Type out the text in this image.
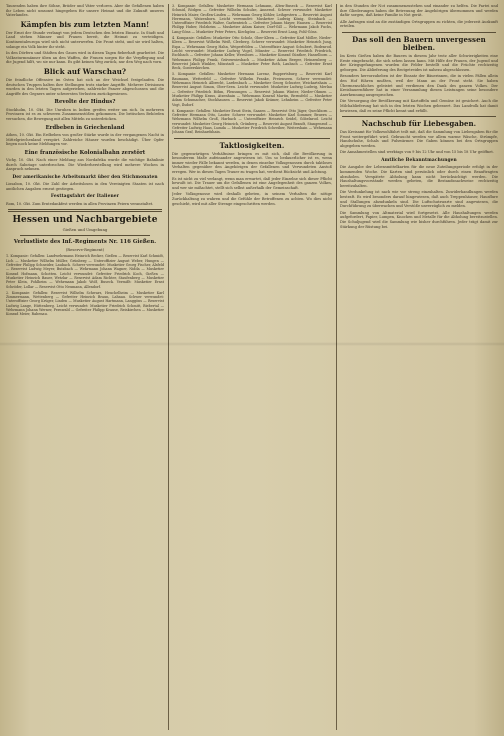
Tausenden haben ihre Söhne, Brüder und Väter verloren. Aber die Gefallenen haben ihr Leben nicht umsonst hingegeben für unsere Heimat und die Zukunft unseres Vaterlandes.

Kämpfen bis zum letzten Mann!

Der Ernst der Stunde verlangt von jedem Deutschen den letzten Einsatz. In Stadt und Land stehen Männer und Frauen bereit, die Heimat zu verteidigen. Kontinentaleuropa wird sich nicht unterwerfen. Die Front steht, und sie wird halten, solange ein Volk hinter ihr steht.

In den Dörfern und Städten des Gaues wird in diesen Tagen fieberhaft gearbeitet. Die Volkssturmmänner üben an den Waffen, die Frauen sorgen für die Verpflegung und die Jugend hilft, wo sie nur kann. Es gibt keinen Weg zurück, nur den Weg nach vorn.

Blick auf Warschau?

Die feindliche Offensive im Osten hat sich an der Weichsel festgelaufen. Die deutschen Truppen halten ihre Stellungen trotz starker Angriffe. Mehrere Divisionen wurden in den letzten Tagen aufgerieben, zahlreiche Panzer abgeschossen und die Angriffe des Gegners unter schwersten Verlusten zurückgewiesen.

Revolte der Hindus?

Stockholm, 10. Okt. Die Unruhen in Indien greifen weiter um sich. In mehreren Provinzen ist es zu schweren Zusammenstößen gekommen. Die britischen Behörden versuchen, die Bewegung mit allen Mitteln zu unterdrücken.

Erdbeben in Griechenland

Athen, 10. Okt. Ein Erdbeben von großer Stärke wurde in der vergangenen Nacht in Mittelgriechenland verspürt. Zahlreiche Häuser wurden beschädigt. Über Opfer liegen noch keine Meldungen vor.

Eine französische Kolonialbahn zerstört

Vichy, 10. Okt. Nach einer Meldung aus Nordafrika wurde die wichtige Bahnlinie durch Sabotage unterbrochen. Die Wiederherstellung wird mehrere Wochen in Anspruch nehmen.

Der amerikanische Arbeitsmarkt über den Stichmonaten

Lissabon, 10. Okt. Die Zahl der Arbeitslosen in den Vereinigten Staaten ist nach amtlichen Angaben erneut gestiegen.

Festtagsfahrt der Italiener

Rom, 10. Okt. Zum Erntedankfest werden in allen Provinzen Feiern veranstaltet.

Hessen und Nachbargebiete
Gießen und Umgebung
Verlustliste des Inf.-Regiments Nr. 116 Gießen.
(Reserve-Regiment)

1. Kompanie: Gefallen: Landwehrmann Heinrich Becker, Gießen — Reservist Karl Schmidt, Lich — Musketier Wilhelm Müller, Grünberg — Unteroffizier August Weber, Hungen — Gefreiter Philipp Schneider, Laubach. Schwer verwundet: Musketier Georg Fischer, Alsfeld — Reservist Ludwig Meyer, Butzbach — Wehrmann Johann Wagner, Nidda — Musketier Konrad Hofmann, Schotten. Leicht verwundet: Gefreiter Friedrich Koch, Gießen — Musketier Heinrich Bauer, Wetzlar — Reservist Adam Richter, Staufenberg — Musketier Peter Klein, Pohlheim — Wehrmann Jakob Wolf, Buseck. Vermißt: Musketier Ernst Schröder, Lollar — Reservist Otto Neumann, Allendorf.

2. Kompanie: Gefallen: Reservist Wilhelm Schwarz, Heuchelheim — Musketier Karl Zimmermann, Wettenberg — Gefreiter Heinrich Braun, Lahnau. Schwer verwundet: Unteroffizier Georg Krüger, Linden — Musketier August Hartmann, Langgöns — Reservist Ludwig Lange, Hüttenberg. Leicht verwundet: Musketier Friedrich Schmitt, Biebertal — Wehrmann Johann Werner, Fernwald — Gefreiter Philipp Krause, Reiskirchen — Musketier Konrad Meier, Rabenau.

3. Kompanie: Gefallen: Musketier Hermann Lehmann, Alten-Buseck — Reservist Karl Schmid, Rödgen — Gefreiter Wilhelm Schulze, Annerod. Schwer verwundet: Musketier Heinrich Maier, Großen-Linden — Wehrmann Georg Köhler, Leihgestern — Reservist August Herrmann, Watzenborn. Leicht verwundet: Musketier Ludwig König, Steinbach — Unteroffizier Friedrich Walter, Garbenteich — Gefreiter Johann Mayer, Hausen — Reservist Philipp Huber, Holzheim — Musketier Adam Kaiser, Dorf-Gill — Wehrmann Jakob Fuchs, Lang-Göns — Musketier Peter Peters, Kirchgöns — Reservist Ernst Lang, Pohl-Göns.

4. Kompanie: Gefallen: Musketier Otto Scholz, Ober-Kleen — Gefreiter Karl Möller, Nieder-Kleen — Reservist Wilhelm Weiß, Cleeberg. Schwer verwundet: Musketier Heinrich Jung, Espa — Wehrmann Georg Hahn, Weiperfelden — Unteroffizier August Schubert, Bodenrod. Leicht verwundet: Musketier Ludwig Vogel, Münster — Reservist Friedrich Friedrich, Eschbach — Gefreiter Johann Keller, Wernborn — Musketier Konrad Günther, Hasselborn — Wehrmann Philipp Frank, Grävenwiesbach — Musketier Adam Berger, Heinzenberg — Reservist Jakob Winkler, Mönstadt — Musketier Peter Roth, Laubach — Gefreiter Ernst Beck, Gonterskirchen.

5. Kompanie: Gefallen: Musketier Hermann Lorenz, Ruppertsburg — Reservist Karl Baumann, Wetterfeld — Gefreiter Wilhelm Franke, Freienseen. Schwer verwundet: Wehrmann Heinrich Albrecht, Lardenbach — Musketier Georg Schuster, Weickartshain — Reservist August Simon, Ober-Seen. Leicht verwundet: Musketier Ludwig Ludwig, Merlau — Gefreiter Friedrich Böhm, Flensungen — Reservist Johann Winter, Nieder-Ohmen — Musketier Philipp Kraus, Atzenhain — Wehrmann Konrad Martin, Bernsfeld — Musketier Adam Schumacher, Stockhausen — Reservist Jakob Krämer, Lehnheim — Gefreiter Peter Vogt, Ilsdorf.

6. Kompanie: Gefallen: Musketier Ernst Stein, Saasen — Reservist Otto Jäger, Queckborn — Gefreiter Hermann Otto, Lauter. Schwer verwundet: Musketier Karl Sommer, Beuern — Wehrmann Wilhelm Groß, Harbach — Unteroffizier Heinrich Seidel, Göbelnrod. Leicht verwundet: Musketier Georg Heinrich, Grünberg — Reservist August Brandt, Stangenrod — Gefreiter Ludwig Haas, Lumda — Musketier Friedrich Schreiber, Weitershain — Wehrmann Johann Graf, Reinhardshain.

Taktlosigkeiten.

Die gegenwärtigen Verhältnisse bringen es mit sich, daß die Bevölkerung in besonderem Maße aufeinander angewiesen ist. Um so bedauerlicher ist es, wenn immer wieder Fälle bekannt werden, in denen einzelne Volksgenossen durch taktloses Verhalten gegenüber den Angehörigen der Gefallenen und Verwundeten Anstoß erregen. Wer in diesen Tagen Trauer zu tragen hat, verdient Rücksicht und Achtung.

Es ist nicht zu viel verlangt, wenn man erwartet, daß jeder Einzelne sich dieser Pflicht bewußt ist. Die Trauer um die Gefallenen ist eine Angelegenheit des ganzen Volkes, und wer sie mißachtet, stellt sich selbst außerhalb der Gemeinschaft.

Jeder Volksgenosse wird deshalb gebeten, in seinem Verhalten die nötige Zurückhaltung zu wahren und die Gefühle der Betroffenen zu achten. Wo dies nicht geschieht, wird mit aller Strenge eingeschritten werden.

in den Stunden der Not zusammenzustehen und einander zu helfen. Die Partei und ihre Gliederungen haben die Betreuung der Angehörigen übernommen und werden dafür sorgen, daß keine Familie in Not gerät.

Alle Anfragen sind an die zuständigen Ortsgruppen zu richten, die jederzeit Auskunft erteilen.

Das soll den Bauern unvergessen bleiben.

Im Kreis Gießen haben die Bauern in diesem Jahr trotz aller Schwierigkeiten eine Ernte eingebracht, die sich sehen lassen kann. Mit Hilfe der Frauen, der Jugend und der Kriegsgefangenen wurden die Felder bestellt und die Früchte rechtzeitig geborgen. Die Ablieferung des Brotgetreides ist nahezu abgeschlossen.

Besonders hervorzuheben ist der Einsatz der Bäuerinnen, die in vielen Fällen allein den Hof führen mußten, weil der Mann an der Front steht. Sie haben Übermenschliches geleistet und verdienen den Dank des ganzen Volkes. Der Kreisbauernführer hat in einer Versammlung diesen Leistungen seine besondere Anerkennung ausgesprochen.

Die Versorgung der Bevölkerung mit Kartoffeln und Gemüse ist gesichert. Auch die Milchablieferung hat sich in den letzten Wochen gebessert. Das Landvolk hat damit bewiesen, daß es seine Pflicht kennt und erfüllt.

Nachschub für Liebesgaben.

Das Kreisamt für Volkswohlfahrt teilt mit, daß die Sammlung von Liebesgaben für die Front weitergeführt wird. Gebraucht werden vor allem warme Wäsche, Strümpfe, Handschuhe, Schals und Pulswärmer. Die Gaben können bei den Ortsgruppen abgegeben werden.

Die Annahmestellen sind werktags von 9 bis 12 Uhr und von 15 bis 18 Uhr geöffnet.

Amtliche Bekanntmachungen

Die Ausgabe der Lebensmittelkarten für die neue Zuteilungsperiode erfolgt in der kommenden Woche. Die Karten sind persönlich oder durch einen Beauftragten abzuholen. Verspätete Abholung kann nicht berücksichtigt werden. Die Haushaltungsvorstände werden gebeten, die Bestandsnachweise rechtzeitig bereitzuhalten.

Die Verdunkelung ist nach wie vor streng einzuhalten. Zuwiderhandlungen werden bestraft. Es wird besonders darauf hingewiesen, daß auch Treppenhäuser, Hausflure und Stallungen abzudunkeln sind. Die Luftschutzwarte sind angewiesen, die Durchführung zu überwachen und Verstöße unverzüglich zu melden.

Die Sammlung von Altmaterial wird fortgesetzt. Alle Haushaltungen werden aufgefordert, Papier, Lumpen, Knochen und Metalle für die Abholung bereitzustellen. Die Schuljugend wird die Sammlung wie bisher durchführen. Jeder trägt damit zur Stärkung der Rüstung bei.
